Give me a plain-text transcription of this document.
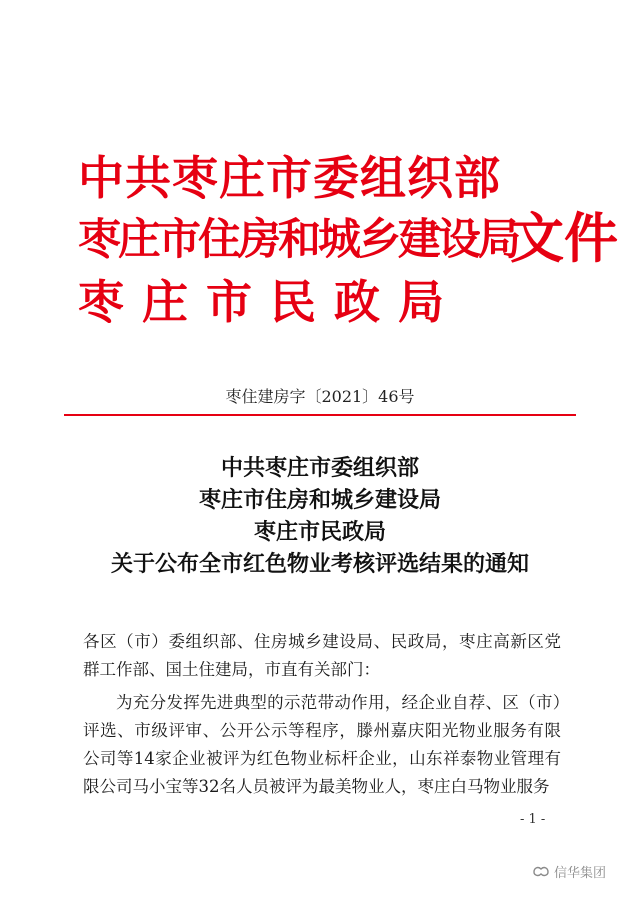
中共枣庄市委组织部
枣庄市住房和城乡建设局
枣庄市民政局
文件
枣住建房字〔2021〕46号
中共枣庄市委组织部
枣庄市住房和城乡建设局
枣庄市民政局
关于公布全市红色物业考核评选结果的通知

各区（市）委组织部、住房城乡建设局、民政局，枣庄高新区党群工作部、国土住建局，市直有关部门：

为充分发挥先进典型的示范带动作用，经企业自荐、区（市）评选、市级评审、公开公示等程序，滕州嘉庆阳光物业服务有限公司等14家企业被评为红色物业标杆企业，山东祥泰物业管理有限公司马小宝等32名人员被评为最美物业人，枣庄白马物业服务

- 1 -
信华集团
